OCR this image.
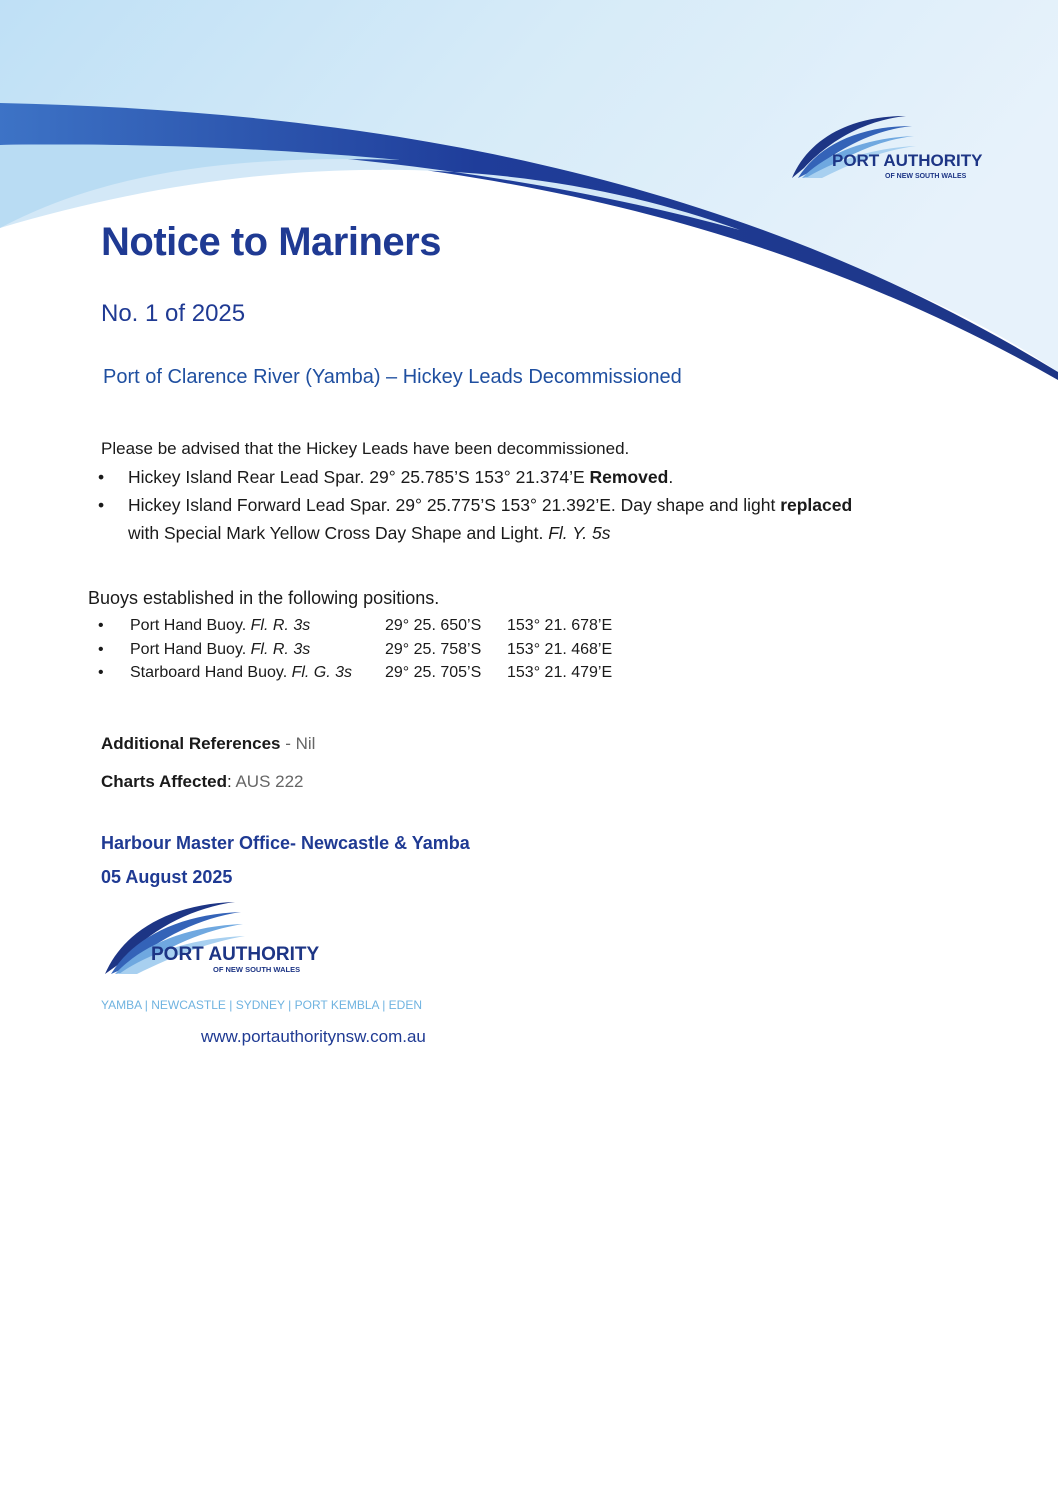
PORT AUTHORITY
OF NEW SOUTH WALES
Notice to Mariners
No. 1 of 2025
Port of Clarence River (Yamba) – Hickey Leads Decommissioned
Please be advised that the Hickey Leads have been decommissioned.
• Hickey Island Rear Lead Spar. 29° 25.785’S 153° 21.374’E Removed.
• Hickey Island Forward Lead Spar. 29° 25.775’S 153° 21.392’E. Day shape and light replaced
with Special Mark Yellow Cross Day Shape and Light. Fl. Y. 5s
Buoys established in the following positions.
•	Port Hand Buoy. Fl. R. 3s	29° 25. 650’S	153° 21. 678’E
•	Port Hand Buoy. Fl. R. 3s	29° 25. 758’S	153° 21. 468’E
•	Starboard Hand Buoy. Fl. G. 3s	29° 25. 705’S	153° 21. 479’E
Additional References - Nil
Charts Affected: AUS 222
Harbour Master Office- Newcastle & Yamba
05 August 2025
PORT AUTHORITY
OF NEW SOUTH WALES
YAMBA | NEWCASTLE | SYDNEY | PORT KEMBLA | EDEN
www.portauthoritynsw.com.au
